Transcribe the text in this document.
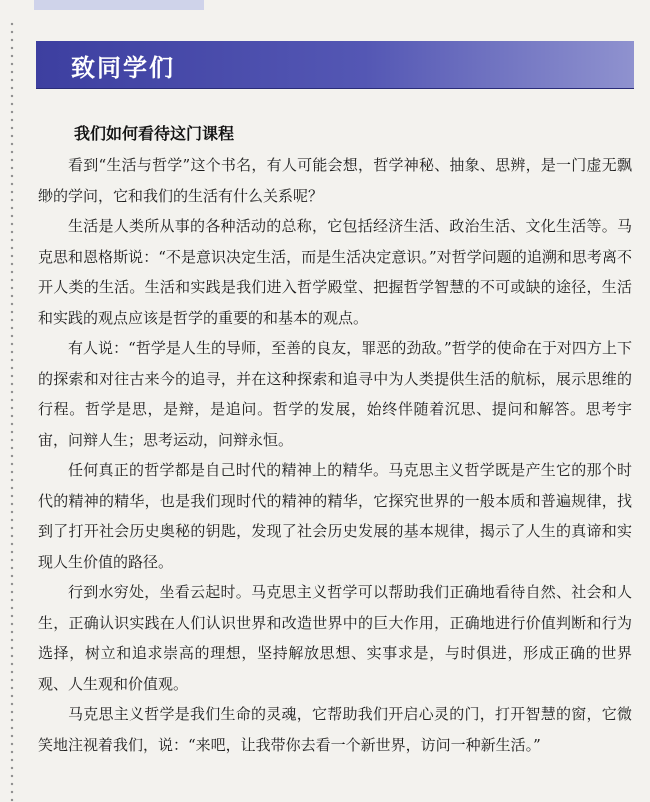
致同学们
我们如何看待这门课程

看到“生活与哲学”这个书名，有人可能会想，哲学神秘、抽象、思辨，是一门虚无飘缈的学问，它和我们的生活有什么关系呢？

生活是人类所从事的各种活动的总称，它包括经济生活、政治生活、文化生活等。马克思和恩格斯说：“不是意识决定生活，而是生活决定意识。”对哲学问题的追溯和思考离不开人类的生活。生活和实践是我们进入哲学殿堂、把握哲学智慧的不可或缺的途径，生活和实践的观点应该是哲学的重要的和基本的观点。

有人说：“哲学是人生的导师，至善的良友，罪恶的劲敌。”哲学的使命在于对四方上下的探索和对往古来今的追寻，并在这种探索和追寻中为人类提供生活的航标，展示思维的行程。哲学是思，是辩，是追问。哲学的发展，始终伴随着沉思、提问和解答。思考宇宙，问辩人生；思考运动，问辩永恒。

任何真正的哲学都是自己时代的精神上的精华。马克思主义哲学既是产生它的那个时代的精神的精华，也是我们现时代的精神的精华，它探究世界的一般本质和普遍规律，找到了打开社会历史奥秘的钥匙，发现了社会历史发展的基本规律，揭示了人生的真谛和实现人生价值的路径。

行到水穷处，坐看云起时。马克思主义哲学可以帮助我们正确地看待自然、社会和人生，正确认识实践在人们认识世界和改造世界中的巨大作用，正确地进行价值判断和行为选择，树立和追求崇高的理想，坚持解放思想、实事求是，与时俱进，形成正确的世界观、人生观和价值观。

马克思主义哲学是我们生命的灵魂，它帮助我们开启心灵的门，打开智慧的窗，它微笑地注视着我们，说：“来吧，让我带你去看一个新世界，访问一种新生活。”
